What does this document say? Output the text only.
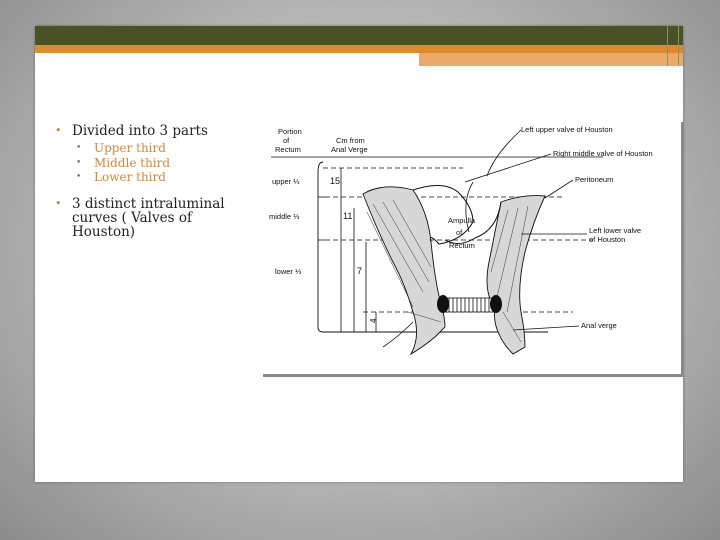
• Divided into 3 parts
• Upper third
• Middle third
• Lower third
• 3 distinct intraluminal curves ( Valves of Houston)
Portion of Rectum
Cm from Anal Verge
upper ⅓
middle ⅓
lower ⅓
15
11
7
4
Ampulla of Rectum
Left upper valve of Houston
Right middle valve of Houston
Peritoneum
Left lower valve of Houston
Anal verge
